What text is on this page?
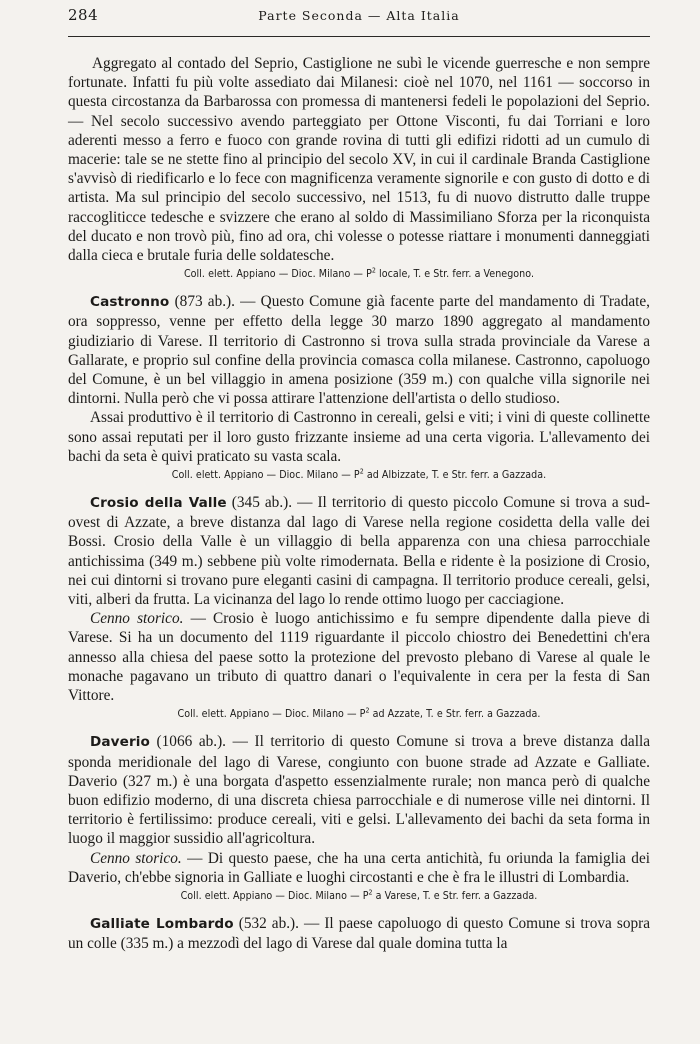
284	Parte Seconda — Alta Italia

Aggregato al contado del Seprio, Castiglione ne subì le vicende guerresche e non sempre fortunate. Infatti fu più volte assediato dai Milanesi: cioè nel 1070, nel 1161 — soccorso in questa circostanza da Barbarossa con promessa di mantenersi fedeli le popolazioni del Seprio. — Nel secolo successivo avendo parteggiato per Ottone Visconti, fu dai Torriani e loro aderenti messo a ferro e fuoco con grande rovina di tutti gli edifizi ridotti ad un cumulo di macerie: tale se ne stette fino al principio del secolo XV, in cui il cardinale Branda Castiglione s'avvisò di riedificarlo e lo fece con magnificenza veramente signorile e con gusto di dotto e di artista. Ma sul principio del secolo successivo, nel 1513, fu di nuovo distrutto dalle truppe raccogliticce tedesche e svizzere che erano al soldo di Massimiliano Sforza per la riconquista del ducato e non trovò più, fino ad ora, chi volesse o potesse riattare i monumenti danneggiati dalla cieca e brutale furia delle soldatesche.

Coll. elett. Appiano — Dioc. Milano — $P^2$ locale, T. e Str. ferr. a Venegono.

Castronno (873 ab.). — Questo Comune già facente parte del mandamento di Tradate, ora soppresso, venne per effetto della legge 30 marzo 1890 aggregato al mandamento giudiziario di Varese. Il territorio di Castronno si trova sulla strada provinciale da Varese a Gallarate, e proprio sul confine della provincia comasca colla milanese. Castronno, capoluogo del Comune, è un bel villaggio in amena posizione (359 m.) con qualche villa signorile nei dintorni. Nulla però che vi possa attirare l'attenzione dell'artista o dello studioso.

Assai produttivo è il territorio di Castronno in cereali, gelsi e viti; i vini di queste collinette sono assai reputati per il loro gusto frizzante insieme ad una certa vigoria. L'allevamento dei bachi da seta è quivi praticato su vasta scala.

Coll. elett. Appiano — Dioc. Milano — $P^2$ ad Albizzate, T. e Str. ferr. a Gazzada.

Crosio della Valle (345 ab.). — Il territorio di questo piccolo Comune si trova a sud-ovest di Azzate, a breve distanza dal lago di Varese nella regione cosidetta della valle dei Bossi. Crosio della Valle è un villaggio di bella apparenza con una chiesa parrocchiale antichissima (349 m.) sebbene più volte rimodernata. Bella e ridente è la posizione di Crosio, nei cui dintorni si trovano pure eleganti casini di campagna. Il territorio produce cereali, gelsi, viti, alberi da frutta. La vicinanza del lago lo rende ottimo luogo per cacciagione.

Cenno storico. — Crosio è luogo antichissimo e fu sempre dipendente dalla pieve di Varese. Si ha un documento del 1119 riguardante il piccolo chiostro dei Benedettini ch'era annesso alla chiesa del paese sotto la protezione del prevosto plebano di Varese al quale le monache pagavano un tributo di quattro danari o l'equivalente in cera per la festa di San Vittore.

Coll. elett. Appiano — Dioc. Milano — $P^2$ ad Azzate, T. e Str. ferr. a Gazzada.

Daverio (1066 ab.). — Il territorio di questo Comune si trova a breve distanza dalla sponda meridionale del lago di Varese, congiunto con buone strade ad Azzate e Galliate. Daverio (327 m.) è una borgata d'aspetto essenzialmente rurale; non manca però di qualche buon edifizio moderno, di una discreta chiesa parrocchiale e di numerose ville nei dintorni. Il territorio è fertilissimo: produce cereali, viti e gelsi. L'allevamento dei bachi da seta forma in luogo il maggior sussidio all'agricoltura.

Cenno storico. — Di questo paese, che ha una certa antichità, fu oriunda la famiglia dei Daverio, ch'ebbe signoria in Galliate e luoghi circostanti e che è fra le illustri di Lombardia.

Coll. elett. Appiano — Dioc. Milano — $P^2$ a Varese, T. e Str. ferr. a Gazzada.

Galliate Lombardo (532 ab.). — Il paese capoluogo di questo Comune si trova sopra un colle (335 m.) a mezzodì del lago di Varese dal quale domina tutta la
